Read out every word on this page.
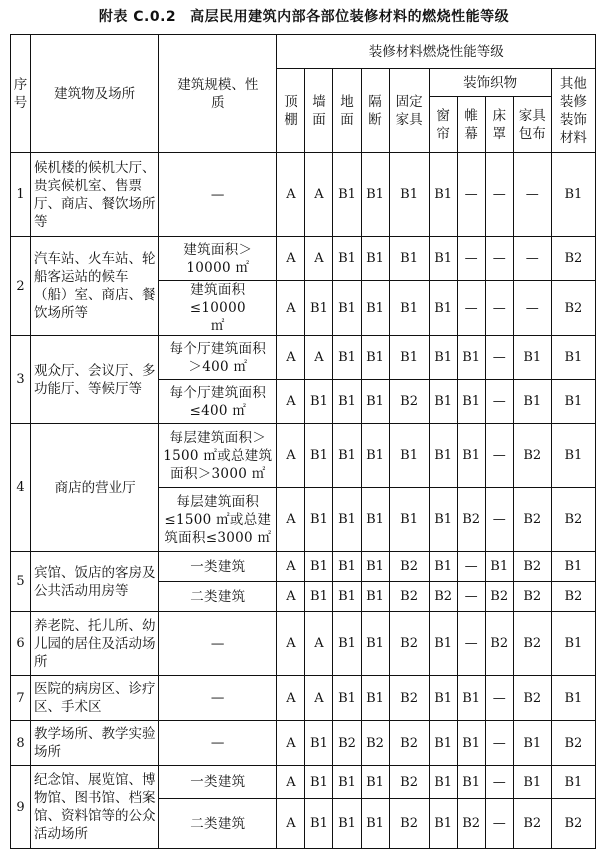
附表 C.0.2 高层民用建筑内部各部位装修材料的燃烧性能等级
序号	建筑物及场所	建筑规模、性质	装修材料燃烧性能等级									
			顶棚	墙面	地面	隔断	固定家具	装饰织物				其他装修装饰材料
								窗帘	帷幕	床罩	家具包布	
1	候机楼的候机大厅、贵宾候机室、售票厅、商店、餐饮场所等	—	A	A	B1	B1	B1	B1	—	—	—	B1
2	汽车站、火车站、轮船客运站的候车（船）室、商店、餐饮场所等	建筑面积＞10000 ㎡	A	A	B1	B1	B1	B1	—	—	—	B2
		建筑面积≤10000 ㎡	A	B1	B1	B1	B1	B1	—	—	—	B2
3	观众厅、会议厅、多功能厅、等候厅等	每个厅建筑面积＞400 ㎡	A	A	B1	B1	B1	B1	B1	—	B1	B1
		每个厅建筑面积≤400 ㎡	A	B1	B1	B1	B2	B1	B1	—	B1	B1
4	商店的营业厅	每层建筑面积＞1500 ㎡或总建筑面积＞3000 ㎡	A	B1	B1	B1	B1	B1	B1	—	B2	B1
		每层建筑面积≤1500 ㎡或总建筑面积≤3000 ㎡	A	B1	B1	B1	B1	B1	B2	—	B2	B2
5	宾馆、饭店的客房及公共活动用房等	一类建筑	A	B1	B1	B1	B2	B1	—	B1	B2	B1
		二类建筑	A	B1	B1	B1	B2	B2	—	B2	B2	B2
6	养老院、托儿所、幼儿园的居住及活动场所	—	A	A	B1	B1	B2	B1	—	B2	B2	B1
7	医院的病房区、诊疗区、手术区	—	A	A	B1	B1	B2	B1	B1	—	B2	B1
8	教学场所、教学实验场所	—	A	B1	B2	B2	B2	B1	B1	—	B1	B2
9	纪念馆、展览馆、博物馆、图书馆、档案馆、资料馆等的公众活动场所	一类建筑	A	B1	B1	B1	B2	B1	B1	—	B1	B1
		二类建筑	A	B1	B1	B1	B2	B1	B2	—	B2	B2
